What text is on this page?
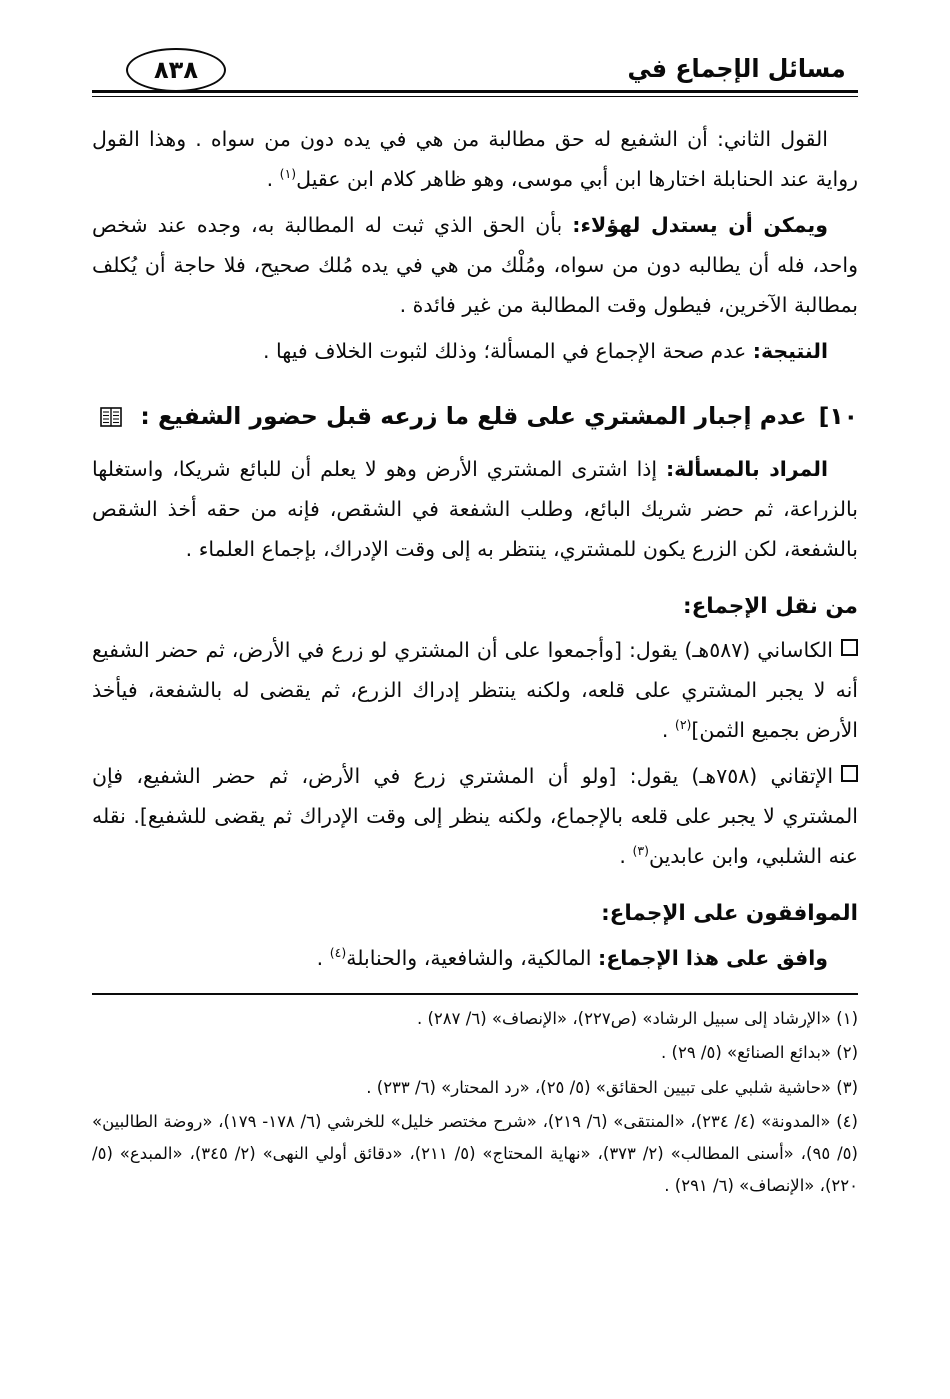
مسائل الإجماع في
٨٣٨

القول الثاني: أن الشفيع له حق مطالبة من هي في يده دون من سواه . وهذا القول رواية عند الحنابلة اختارها ابن أبي موسى، وهو ظاهر كلام ابن عقيل$^{(١)}$ .

ويمكن أن يستدل لهؤلاء: بأن الحق الذي ثبت له المطالبة به، وجده عند شخص واحد، فله أن يطالبه دون من سواه، ومُلْك من هي في يده مُلك صحيح، فلا حاجة أن يُكلف بمطالبة الآخرين، فيطول وقت المطالبة من غير فائدة .

النتيجة: عدم صحة الإجماع في المسألة؛ وذلك لثبوت الخلاف فيها .

١٠]
عدم إجبار المشتري على قلع ما زرعه قبل حضور الشفيع :

المراد بالمسألة: إذا اشترى المشتري الأرض وهو لا يعلم أن للبائع شريكا، واستغلها بالزراعة، ثم حضر شريك البائع، وطلب الشفعة في الشقص، فإنه من حقه أخذ الشقص بالشفعة، لكن الزرع يكون للمشتري، ينتظر به إلى وقت الإدراك، بإجماع العلماء .

من نقل الإجماع:

الكاساني (٥٨٧هـ) يقول: [وأجمعوا على أن المشتري لو زرع في الأرض، ثم حضر الشفيع أنه لا يجبر المشتري على قلعه، ولكنه ينتظر إدراك الزرع، ثم يقضى له بالشفعة، فيأخذ الأرض بجميع الثمن]$^{(٢)}$ .

الإتقاني (٧٥٨هـ) يقول: [ولو أن المشتري زرع في الأرض، ثم حضر الشفيع، فإن المشتري لا يجبر على قلعه بالإجماع، ولكنه ينظر إلى وقت الإدراك ثم يقضى للشفيع]. نقله عنه الشلبي، وابن عابدين$^{(٣)}$ .

الموافقون على الإجماع:

وافق على هذا الإجماع: المالكية، والشافعية، والحنابلة$^{(٤)}$ .

(١) «الإرشاد إلى سبيل الرشاد» (ص٢٢٧)، «الإنصاف» (٦/ ٢٨٧) .

(٢) «بدائع الصنائع» (٥/ ٢٩) .

(٣) «حاشية شلبي على تبيين الحقائق» (٥/ ٢٥)، «رد المحتار» (٦/ ٢٣٣) .

(٤) «المدونة» (٤/ ٢٣٤)، «المنتقى» (٦/ ٢١٩)، «شرح مختصر خليل» للخرشي (٦/ ١٧٨- ١٧٩)، «روضة الطالبين» (٥/ ٩٥)، «أسنى المطالب» (٢/ ٣٧٣)، «نهاية المحتاج» (٥/ ٢١١)، «دقائق أولي النهى» (٢/ ٣٤٥)، «المبدع» (٥/ ٢٢٠)، «الإنصاف» (٦/ ٢٩١) .
